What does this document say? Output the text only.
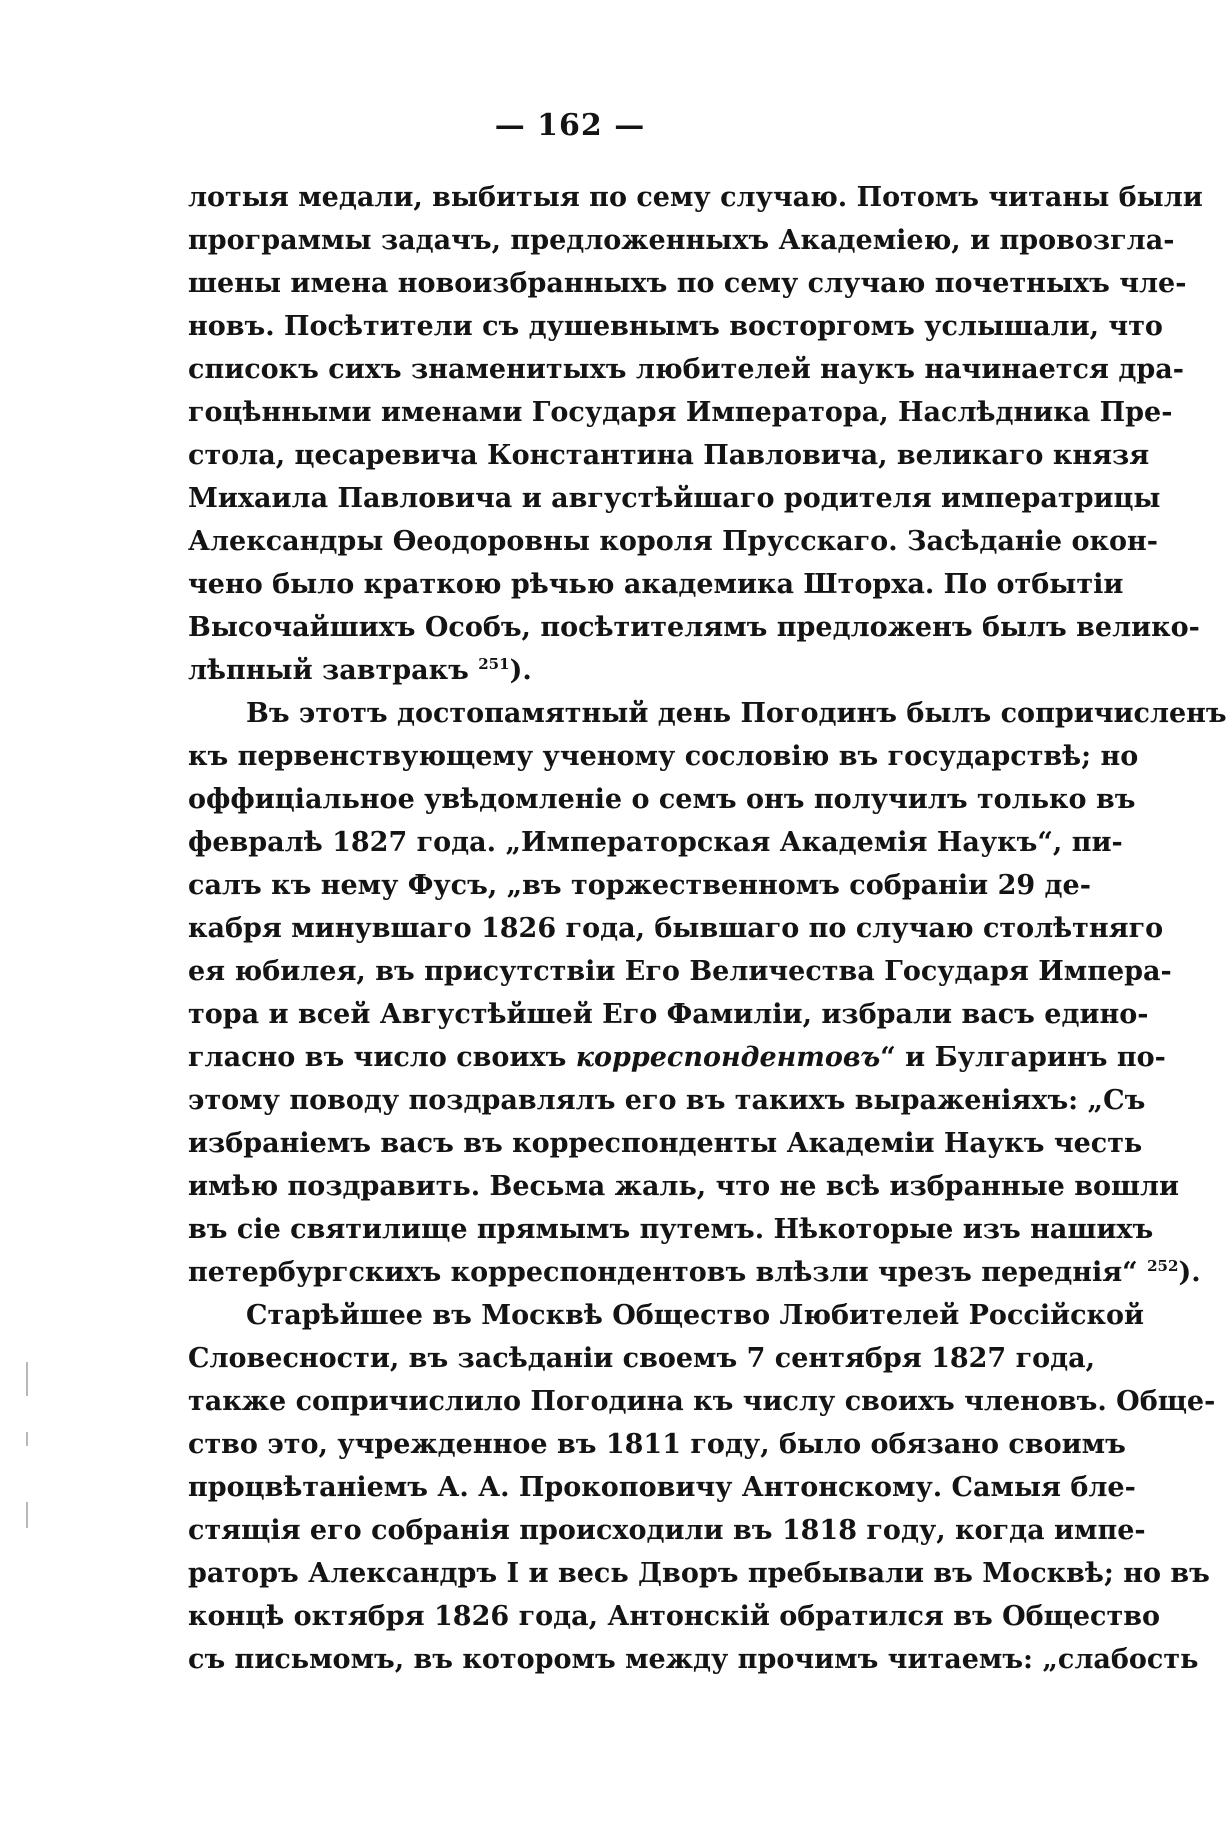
— 162 —
лотыя медали, выбитыя по сему случаю. Потомъ читаны были
программы задачъ, предложенныхъ Академіею, и провозгла-
шены имена новоизбранныхъ по сему случаю почетныхъ чле-
новъ. Посѣтители съ душевнымъ восторгомъ услышали, что
списокъ сихъ знаменитыхъ любителей наукъ начинается дра-
гоцѣнными именами Государя Императора, Наслѣдника Пре-
стола, цесаревича Константина Павловича, великаго князя
Михаила Павловича и августѣйшаго родителя императрицы
Александры Ѳеодоровны короля Прусскаго. Засѣданіе окон-
чено было краткою рѣчью академика Шторха. По отбытіи
Высочайшихъ Особъ, посѣтителямъ предложенъ былъ велико-
лѣпный завтракъ $^{251}$).
Въ этотъ достопамятный день Погодинъ былъ сопричисленъ
къ первенствующему ученому сословію въ государствѣ; но
оффиціальное увѣдомленіе о семъ онъ получилъ только въ
февралѣ 1827 года. „Императорская Академія Наукъ“, пи-
салъ къ нему Фусъ, „въ торжественномъ собраніи 29 де-
кабря минувшаго 1826 года, бывшаго по случаю столѣтняго
ея юбилея, въ присутствіи Его Величества Государя Импера-
тора и всей Августѣйшей Его Фамиліи, избрали васъ едино-
гласно въ число своихъ корреспондентовъ“ и Булгаринъ по-
этому поводу поздравлялъ его въ такихъ выраженіяхъ: „Съ
избраніемъ васъ въ корреспонденты Академіи Наукъ честь
имѣю поздравить. Весьма жаль, что не всѣ избранные вошли
въ сіе святилище прямымъ путемъ. Нѣкоторые изъ нашихъ
петербургскихъ корреспондентовъ влѣзли чрезъ переднія“ $^{252}$).
Старѣйшее въ Москвѣ Общество Любителей Россійской
Словесности, въ засѣданіи своемъ 7 сентября 1827 года,
также сопричислило Погодина къ числу своихъ членовъ. Обще-
ство это, учрежденное въ 1811 году, было обязано своимъ
процвѣтаніемъ А. А. Прокоповичу Антонскому. Самыя бле-
стящія его собранія происходили въ 1818 году, когда импе-
раторъ Александръ I и весь Дворъ пребывали въ Москвѣ; но въ
концѣ октября 1826 года, Антонскій обратился въ Общество
съ письмомъ, въ которомъ между прочимъ читаемъ: „слабость
